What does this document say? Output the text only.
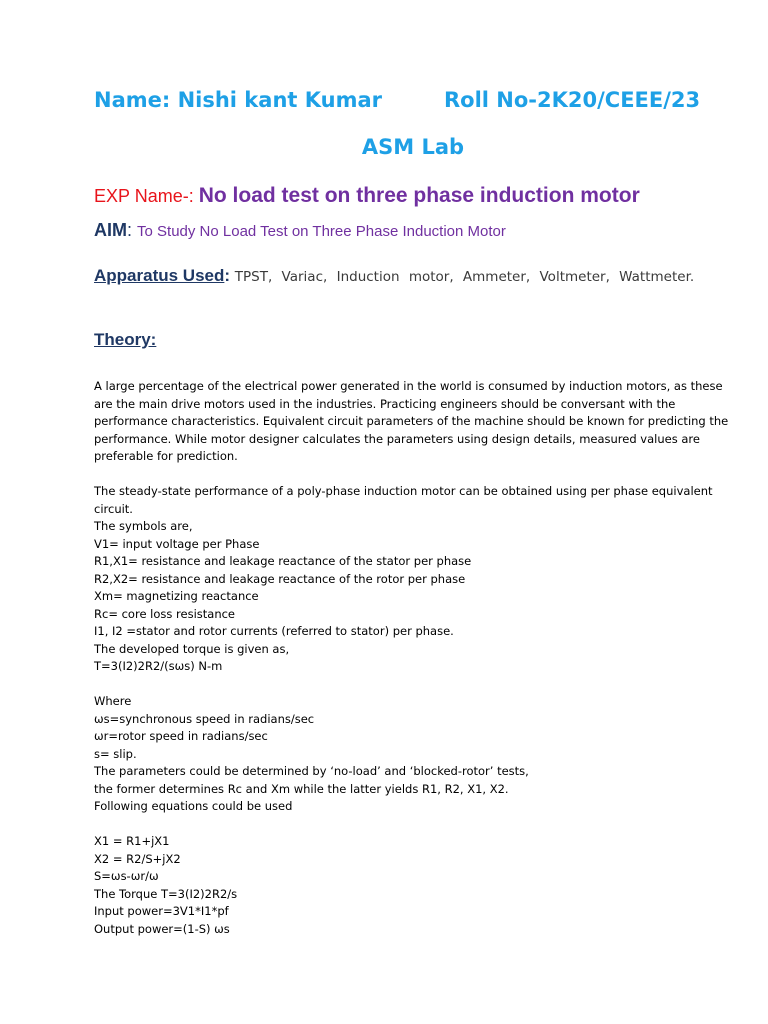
Name: Nishi kant Kumar	Roll No-2K20/CEEE/23
ASM Lab
EXP Name-: No load test on three phase induction motor
AIM: To Study No Load Test on Three Phase Induction Motor
Apparatus Used: TPST, Variac, Induction motor, Ammeter, Voltmeter, Wattmeter.
Theory:
A large percentage of the electrical power generated in the world is consumed by induction motors, as these
are the main drive motors used in the industries. Practicing engineers should be conversant with the
performance characteristics. Equivalent circuit parameters of the machine should be known for predicting the
performance. While motor designer calculates the parameters using design details, measured values are
preferable for prediction.
The steady-state performance of a poly-phase induction motor can be obtained using per phase equivalent
circuit.
The symbols are,
V1= input voltage per Phase
R1,X1= resistance and leakage reactance of the stator per phase
R2,X2= resistance and leakage reactance of the rotor per phase
Xm= magnetizing reactance
Rc= core loss resistance
I1, I2 =stator and rotor currents (referred to stator) per phase.
The developed torque is given as,
T=3(I2)2R2/(sωs) N-m
Where
ωs=synchronous speed in radians/sec
ωr=rotor speed in radians/sec
s= slip.
The parameters could be determined by ‘no-load’ and ‘blocked-rotor’ tests,
the former determines Rc and Xm while the latter yields R1, R2, X1, X2.
Following equations could be used
X1 = R1+jX1
X2 = R2/S+jX2
S=ωs-ωr/ω
The Torque T=3(I2)2R2/s
Input power=3V1*I1*pf
Output power=(1-S) ωs
